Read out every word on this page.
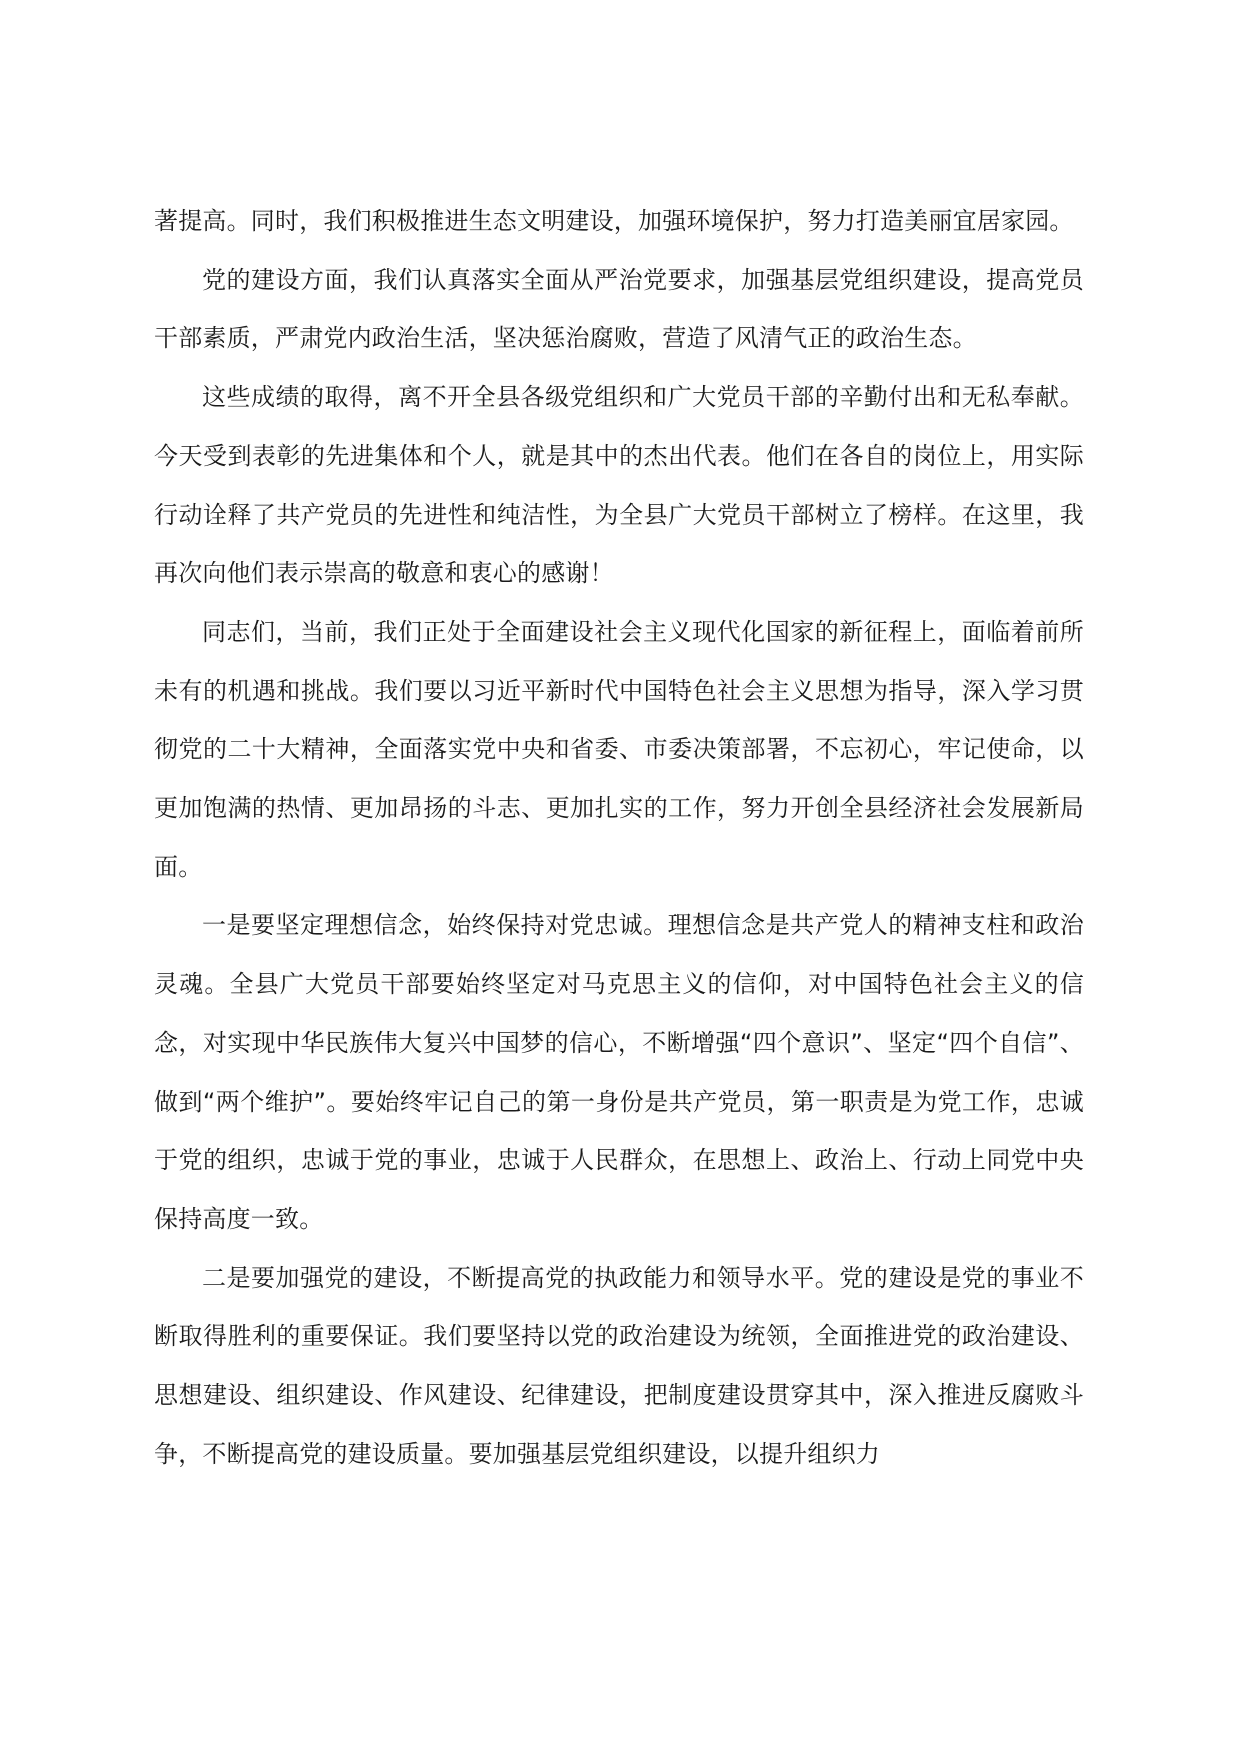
著提高。同时，我们积极推进生态文明建设，加强环境保护，努力打造美丽宜居家园。

党的建设方面，我们认真落实全面从严治党要求，加强基层党组织建设，提高党员干部素质，严肃党内政治生活，坚决惩治腐败，营造了风清气正的政治生态。

这些成绩的取得，离不开全县各级党组织和广大党员干部的辛勤付出和无私奉献。今天受到表彰的先进集体和个人，就是其中的杰出代表。他们在各自的岗位上，用实际行动诠释了共产党员的先进性和纯洁性，为全县广大党员干部树立了榜样。在这里，我再次向他们表示崇高的敬意和衷心的感谢！

同志们，当前，我们正处于全面建设社会主义现代化国家的新征程上，面临着前所未有的机遇和挑战。我们要以习近平新时代中国特色社会主义思想为指导，深入学习贯彻党的二十大精神，全面落实党中央和省委、市委决策部署，不忘初心，牢记使命，以更加饱满的热情、更加昂扬的斗志、更加扎实的工作，努力开创全县经济社会发展新局面。

一是要坚定理想信念，始终保持对党忠诚。理想信念是共产党人的精神支柱和政治灵魂。全县广大党员干部要始终坚定对马克思主义的信仰，对中国特色社会主义的信念，对实现中华民族伟大复兴中国梦的信心，不断增强“四个意识”、坚定“四个自信”、做到“两个维护”。要始终牢记自己的第一身份是共产党员，第一职责是为党工作，忠诚于党的组织，忠诚于党的事业，忠诚于人民群众，在思想上、政治上、行动上同党中央保持高度一致。

二是要加强党的建设，不断提高党的执政能力和领导水平。党的建设是党的事业不断取得胜利的重要保证。我们要坚持以党的政治建设为统领，全面推进党的政治建设、思想建设、组织建设、作风建设、纪律建设，把制度建设贯穿其中，深入推进反腐败斗争，不断提高党的建设质量。要加强基层党组织建设，以提升组织力
